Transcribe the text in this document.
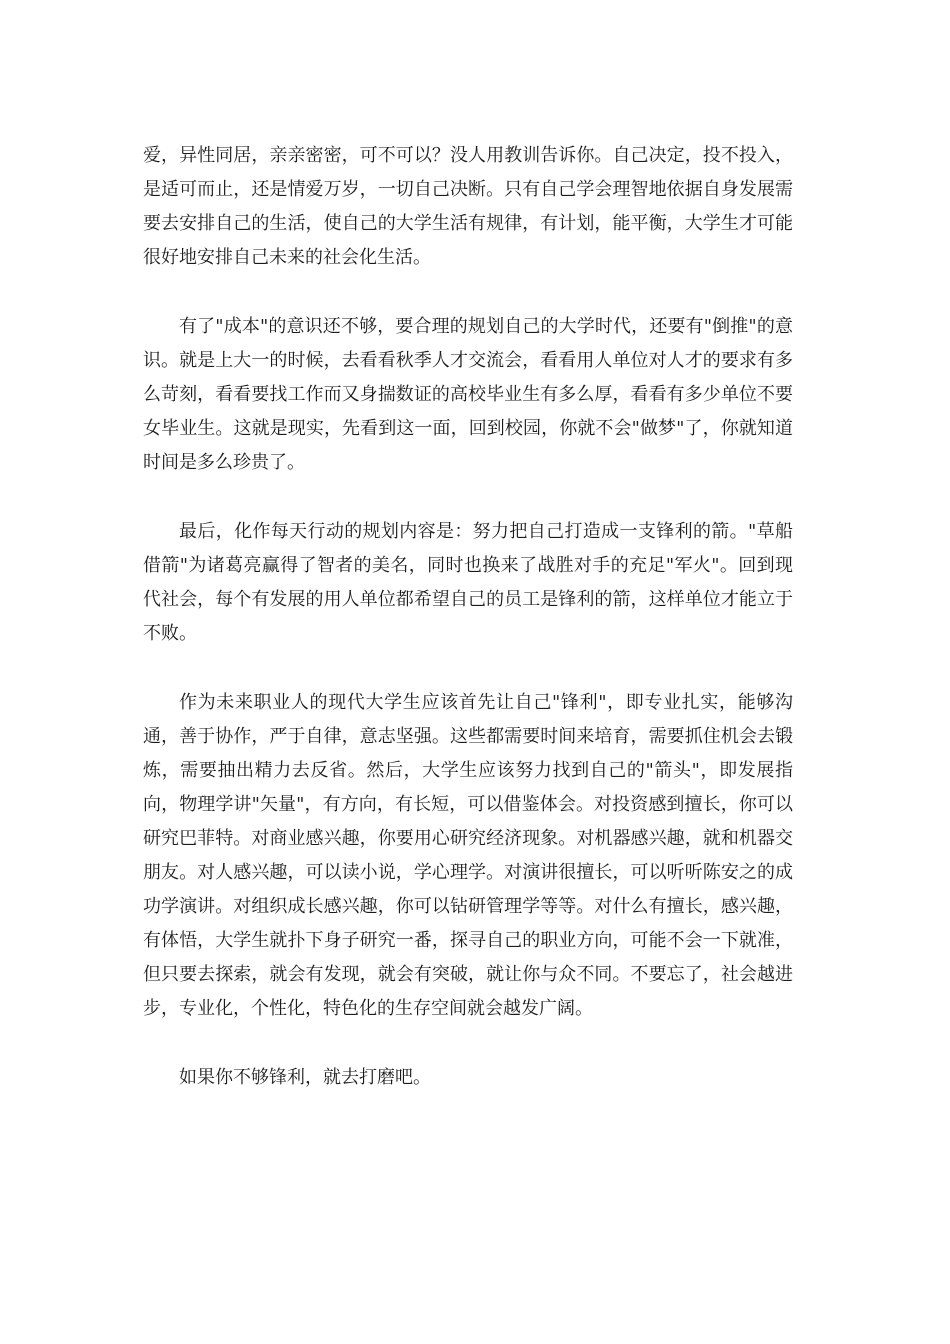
爱，异性同居，亲亲密密，可不可以？没人用教训告诉你。自己决定，投不投入，是适可而止，还是情爱万岁，一切自己决断。只有自己学会理智地依据自身发展需要去安排自己的生活，使自己的大学生活有规律，有计划，能平衡，大学生才可能很好地安排自己未来的社会化生活。

有了"成本"的意识还不够，要合理的规划自己的大学时代，还要有"倒推"的意识。就是上大一的时候，去看看秋季人才交流会，看看用人单位对人才的要求有多么苛刻，看看要找工作而又身揣数证的高校毕业生有多么厚，看看有多少单位不要女毕业生。这就是现实，先看到这一面，回到校园，你就不会"做梦"了，你就知道时间是多么珍贵了。

最后，化作每天行动的规划内容是：努力把自己打造成一支锋利的箭。"草船借箭"为诸葛亮赢得了智者的美名，同时也换来了战胜对手的充足"军火"。回到现代社会，每个有发展的用人单位都希望自己的员工是锋利的箭，这样单位才能立于不败。

作为未来职业人的现代大学生应该首先让自己"锋利"，即专业扎实，能够沟通，善于协作，严于自律，意志坚强。这些都需要时间来培育，需要抓住机会去锻炼，需要抽出精力去反省。然后，大学生应该努力找到自己的"箭头"，即发展指向，物理学讲"矢量"，有方向，有长短，可以借鉴体会。对投资感到擅长，你可以研究巴菲特。对商业感兴趣，你要用心研究经济现象。对机器感兴趣，就和机器交朋友。对人感兴趣，可以读小说，学心理学。对演讲很擅长，可以听听陈安之的成功学演讲。对组织成长感兴趣，你可以钻研管理学等等。对什么有擅长，感兴趣，有体悟，大学生就扑下身子研究一番，探寻自己的职业方向，可能不会一下就准，但只要去探索，就会有发现，就会有突破，就让你与众不同。不要忘了，社会越进步，专业化，个性化，特色化的生存空间就会越发广阔。

如果你不够锋利，就去打磨吧。
